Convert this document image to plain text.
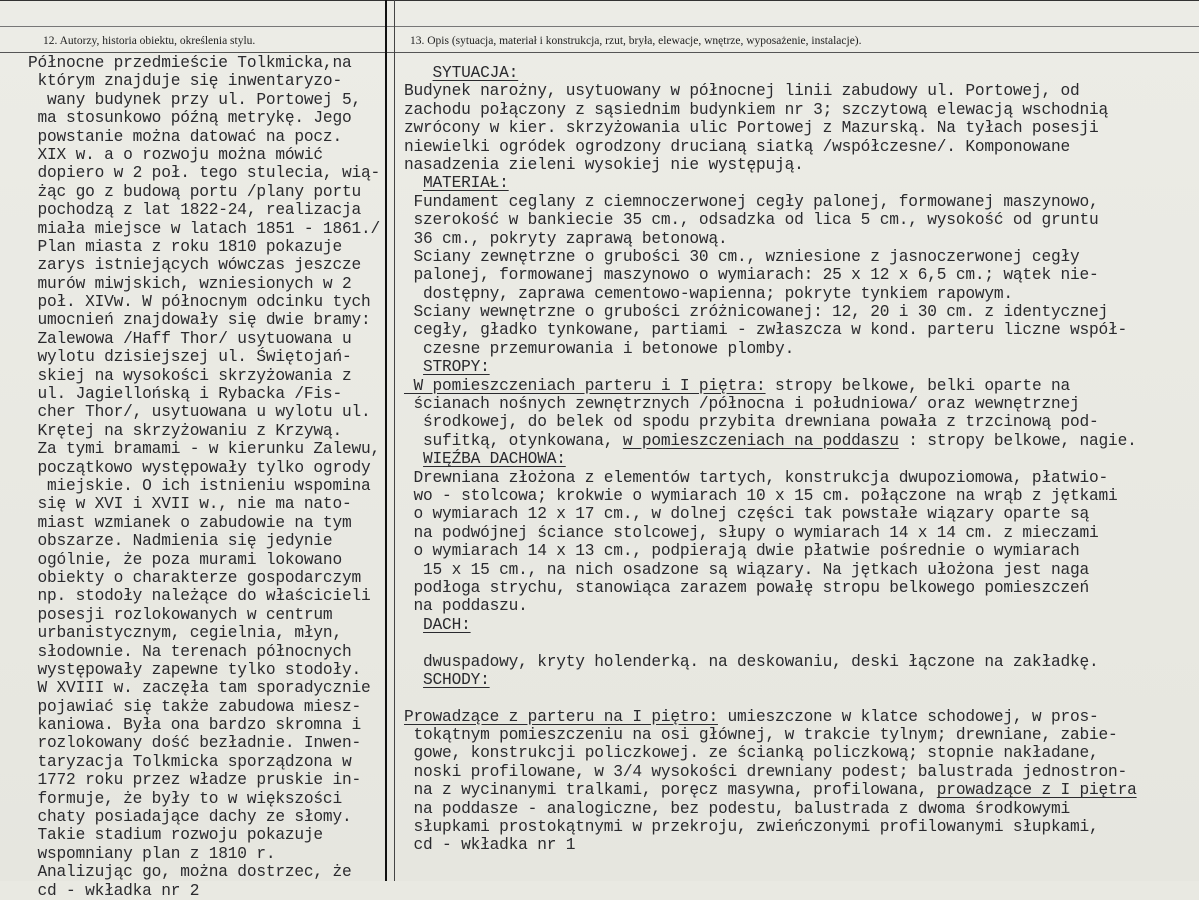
12. Autorzy, historia obiektu, określenia stylu.	13. Opis (sytuacja, materiał i konstrukcja, rzut, bryła, elewacje, wnętrze, wyposażenie, instalacje).
Północne przedmieście Tolkmicka,na
którym znajduje się inwentaryzo-
wany budynek przy ul. Portowej 5,
ma stosunkowo późną metrykę. Jego
powstanie można datować na pocz.
XIX w. a o rozwoju można mówić
dopiero w 2 poł. tego stulecia, wią-
żąc go z budową portu /plany portu
pochodzą z lat 1822-24, realizacja
miała miejsce w latach 1851 - 1861./
Plan miasta z roku 1810 pokazuje
zarys istniejących wówczas jeszcze
murów miwjskich, wzniesionych w 2
poł. XIVw. W północnym odcinku tych
umocnień znajdowały się dwie bramy:
Zalewowa /Haff Thor/ usytuowana u
wylotu dzisiejszej ul. Świętojań-
skiej na wysokości skrzyżowania z
ul. Jagiellońską i Rybacka /Fis-
cher Thor/, usytuowana u wylotu ul.
Krętej na skrzyżowaniu z Krzywą.
Za tymi bramami - w kierunku Zalewu,
początkowo występowały tylko ogrody
miejskie. O ich istnieniu wspomina
się w XVI i XVII w., nie ma nato-
miast wzmianek o zabudowie na tym
obszarze. Nadmienia się jedynie
ogólnie, że poza murami lokowano
obiekty o charakterze gospodarczym
np. stodoły należące do właścicieli
posesji rozlokowanych w centrum
urbanistycznym, cegielnia, młyn,
słodownie. Na terenach północnych
występowały zapewne tylko stodoły.
W XVIII w. zaczęła tam sporadycznie
pojawiać się także zabudowa miesz-
kaniowa. Była ona bardzo skromna i
rozlokowany dość bezładnie. Inwen-
taryzacja Tolkmicka sporządzona w
1772 roku przez władze pruskie in-
formuje, że były to w większości
chaty posiadające dachy ze słomy.
Takie stadium rozwoju pokazuje
wspomniany plan z 1810 r.
Analizując go, można dostrzec, że
cd - wkładka nr 2
SYTUACJA:
Budynek narożny, usytuowany w północnej linii zabudowy ul. Portowej, od
zachodu połączony z sąsiednim budynkiem nr 3; szczytową elewacją wschodnią
zwrócony w kier. skrzyżowania ulic Portowej z Mazurską. Na tyłach posesji
niewielki ogródek ogrodzony drucianą siatką /współczesne/. Komponowane
nasadzenia zieleni wysokiej nie występują.
MATERIAŁ:
Fundament ceglany z ciemnoczerwonej cegły palonej, formowanej maszynowo,
szerokość w bankiecie 35 cm., odsadzka od lica 5 cm., wysokość od gruntu
36 cm., pokryty zaprawą betonową.
Sciany zewnętrzne o grubości 30 cm., wzniesione z jasnoczerwonej cegły
palonej, formowanej maszynowo o wymiarach: 25 x 12 x 6,5 cm.; wątek nie-
dostępny, zaprawa cementowo-wapienna; pokryte tynkiem rapowym.
Sciany wewnętrzne o grubości zróżnicowanej: 12, 20 i 30 cm. z identycznej
cegły, gładko tynkowane, partiami - zwłaszcza w kond. parteru liczne współ-
czesne przemurowania i betonowe plomby.
STROPY:
W pomieszczeniach parteru i I piętra: stropy belkowe, belki oparte na
ścianach nośnych zewnętrznych /północna i południowa/ oraz wewnętrznej
środkowej, do belek od spodu przybita drewniana powała z trzcinową pod-
sufitką, otynkowana, w pomieszczeniach na poddaszu : stropy belkowe, nagie.
WIĘŹBA DACHOWA:
Drewniana złożona z elementów tartych, konstrukcja dwupoziomowa, płatwio-
wo - stolcowa; krokwie o wymiarach 10 x 15 cm. połączone na wrąb z jętkami
o wymiarach 12 x 17 cm., w dolnej części tak powstałe wiązary oparte są
na podwójnej ściance stolcowej, słupy o wymiarach 14 x 14 cm. z mieczami
o wymiarach 14 x 13 cm., podpierają dwie płatwie pośrednie o wymiarach
15 x 15 cm., na nich osadzone są wiązary. Na jętkach ułożona jest naga
podłoga strychu, stanowiąca zarazem powałę stropu belkowego pomieszczeń
na poddaszu.
DACH:
dwuspadowy, kryty holenderką. na deskowaniu, deski łączone na zakładkę.
SCHODY:
Prowadzące z parteru na I piętro: umieszczone w klatce schodowej, w pros-
tokątnym pomieszczeniu na osi głównej, w trakcie tylnym; drewniane, zabie-
gowe, konstrukcji policzkowej. ze ścianką policzkową; stopnie nakładane,
noski profilowane, w 3/4 wysokości drewniany podest; balustrada jednostron-
na z wycinanymi tralkami, poręcz masywna, profilowana, prowadzące z I piętra
na poddasze - analogiczne, bez podestu, balustrada z dwoma środkowymi
słupkami prostokątnymi w przekroju, zwieńczonymi profilowanymi słupkami,
cd - wkładka nr 1
